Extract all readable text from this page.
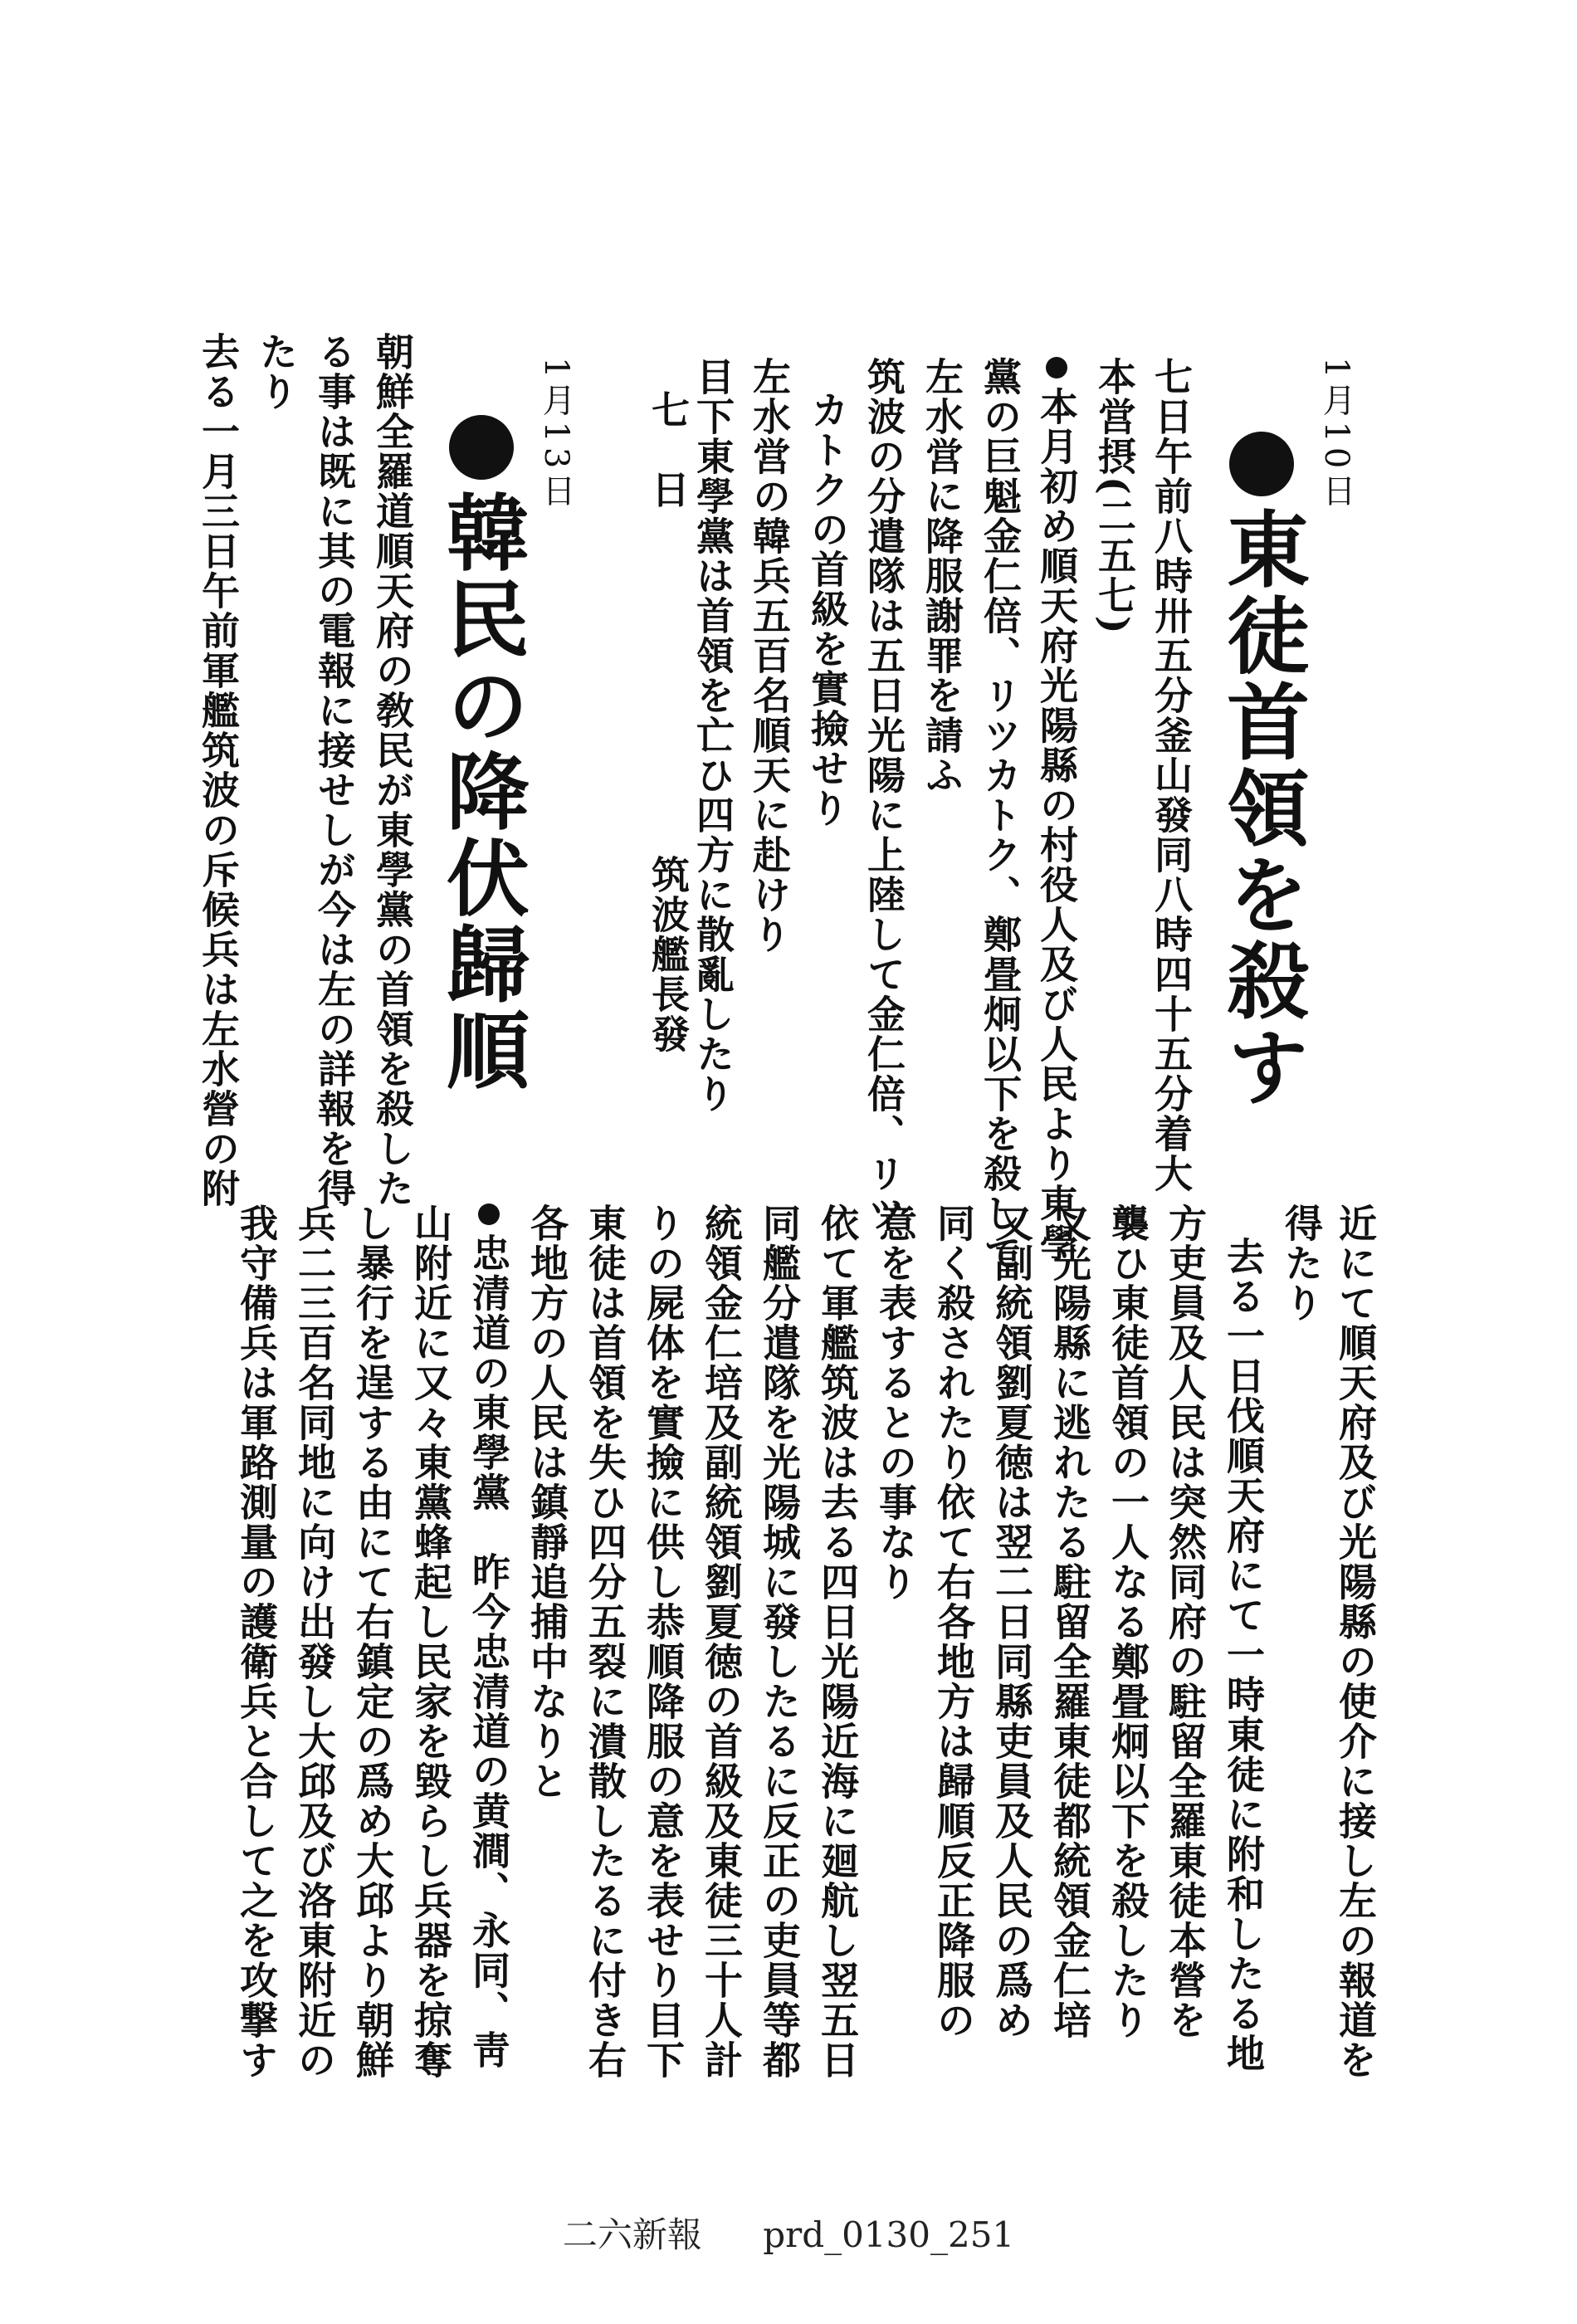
1月10日
東徒首領を殺す
七日午前八時卅五分釜山發同八時四十五分着大
本営摂(二五七)
本月初め順天府光陽縣の村役人及び人民より東學
黨の巨魁金仁倍、リツカトク、鄭畳炯以下を殺して
左水営に降服謝罪を請ふ
筑波の分遣隊は五日光陽に上陸して金仁倍、リツ
カトクの首級を實撿せり
左水営の韓兵五百名順天に赴けり
目下東學黨は首領を亡ひ四方に散亂したり
七　日
筑波艦長發
1月13日
韓民の降伏歸順
朝鮮全羅道順天府の敎民が東學黨の首領を殺した
る事は既に其の電報に接せしが今は左の詳報を得
たり
去る一月三日午前軍艦筑波の斥候兵は左水營の附
近にて順天府及び光陽縣の使介に接し左の報道を
得たり
去る一日伐順天府にて一時東徒に附和したる地
方吏員及人民は突然同府の駐留全羅東徒本營を
襲ひ東徒首領の一人なる鄭畳炯以下を殺したり
又光陽縣に逃れたる駐留全羅東徒都統領金仁培
又副統領劉夏徳は翌二日同縣吏員及人民の爲め
同く殺されたり依て右各地方は歸順反正降服の
意を表するとの事なり
依て軍艦筑波は去る四日光陽近海に廻航し翌五日
同艦分遣隊を光陽城に發したるに反正の吏員等都
統領金仁培及副統領劉夏徳の首級及東徒三十人計
りの屍体を實撿に供し恭順降服の意を表せり目下
東徒は首領を失ひ四分五裂に潰散したるに付き右
各地方の人民は鎮靜追捕中なりと
忠清道の東學黨　昨今忠清道の黄澗、永同、靑
山附近に又々東黨蜂起し民家を毀らし兵器を掠奪
し暴行を逞する由にて右鎮定の爲め大邱より朝鮮
兵二三百名同地に向け出發し大邱及び洛東附近の
我守備兵は軍路測量の護衛兵と合して之を攻撃す
二六新報 prd_0130_251
